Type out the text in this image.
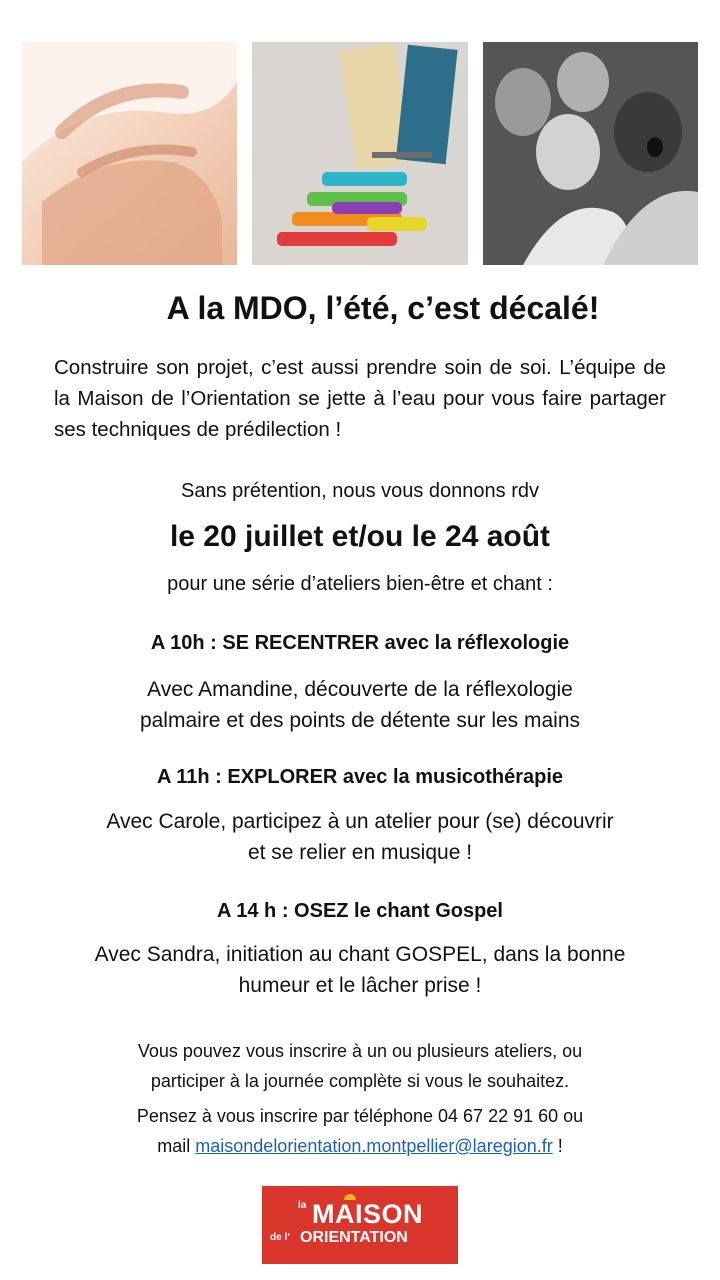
A la MDO, l’été, c’est décalé!
Construire son projet, c’est aussi prendre soin de soi. L’équipe de la Maison de l’Orientation se jette à l’eau pour vous faire partager ses techniques de prédilection !
Sans prétention, nous vous donnons rdv
le 20 juillet et/ou le 24 août
pour une série d’ateliers bien-être et chant :
A 10h : SE RECENTRER avec la réflexologie
Avec Amandine, découverte de la réflexologie
palmaire et des points de détente sur les mains
A 11h : EXPLORER avec la musicothérapie
Avec Carole, participez à un atelier pour (se) découvrir
et se relier en musique !
A 14 h : OSEZ le chant Gospel
Avec Sandra, initiation au chant GOSPEL, dans la bonne
humeur et le lâcher prise !
Vous pouvez vous inscrire à un ou plusieurs ateliers, ou
participer à la journée complète si vous le souhaitez.
Pensez à vous inscrire par téléphone 04 67 22 91 60 ou
mail maisondelorientation.montpellier@laregion.fr !
la MAISON
de l’ ORIENTATION
